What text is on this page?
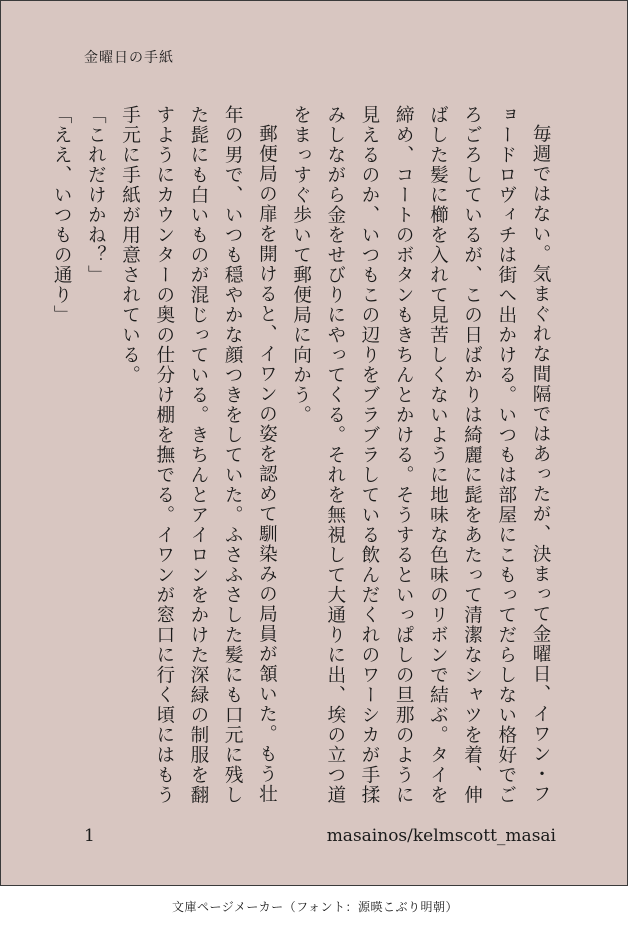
金曜日の手紙

毎週ではない。気まぐれな間隔ではあったが、決まって金曜日、イワン・フョードロヴィチは街へ出かける。いつもは部屋にこもってだらしない格好でごろごろしているが、この日ばかりは綺麗に髭をあたって清潔なシャツを着、伸ばした髪に櫛を入れて見苦しくないように地味な色味のリボンで結ぶ。タイを締め、コートのボタンもきちんとかける。そうするといっぱしの旦那のように見えるのか、いつもこの辺りをブラブラしている飲んだくれのワーシカが手揉みしながら金をせびりにやってくる。それを無視して大通りに出、埃の立つ道をまっすぐ歩いて郵便局に向かう。

郵便局の扉を開けると、イワンの姿を認めて馴染みの局員が頷いた。もう壮年の男で、いつも穏やかな顔つきをしていた。ふさふさした髪にも口元に残した髭にも白いものが混じっている。きちんとアイロンをかけた深緑の制服を翻すようにカウンターの奥の仕分け棚を撫でる。イワンが窓口に行く頃にはもう手元に手紙が用意されている。

「これだけかね？」

「ええ、いつもの通り」

1	masainos/kelmscott_masai
文庫ページメーカー（フォント：源暎こぶり明朝）
